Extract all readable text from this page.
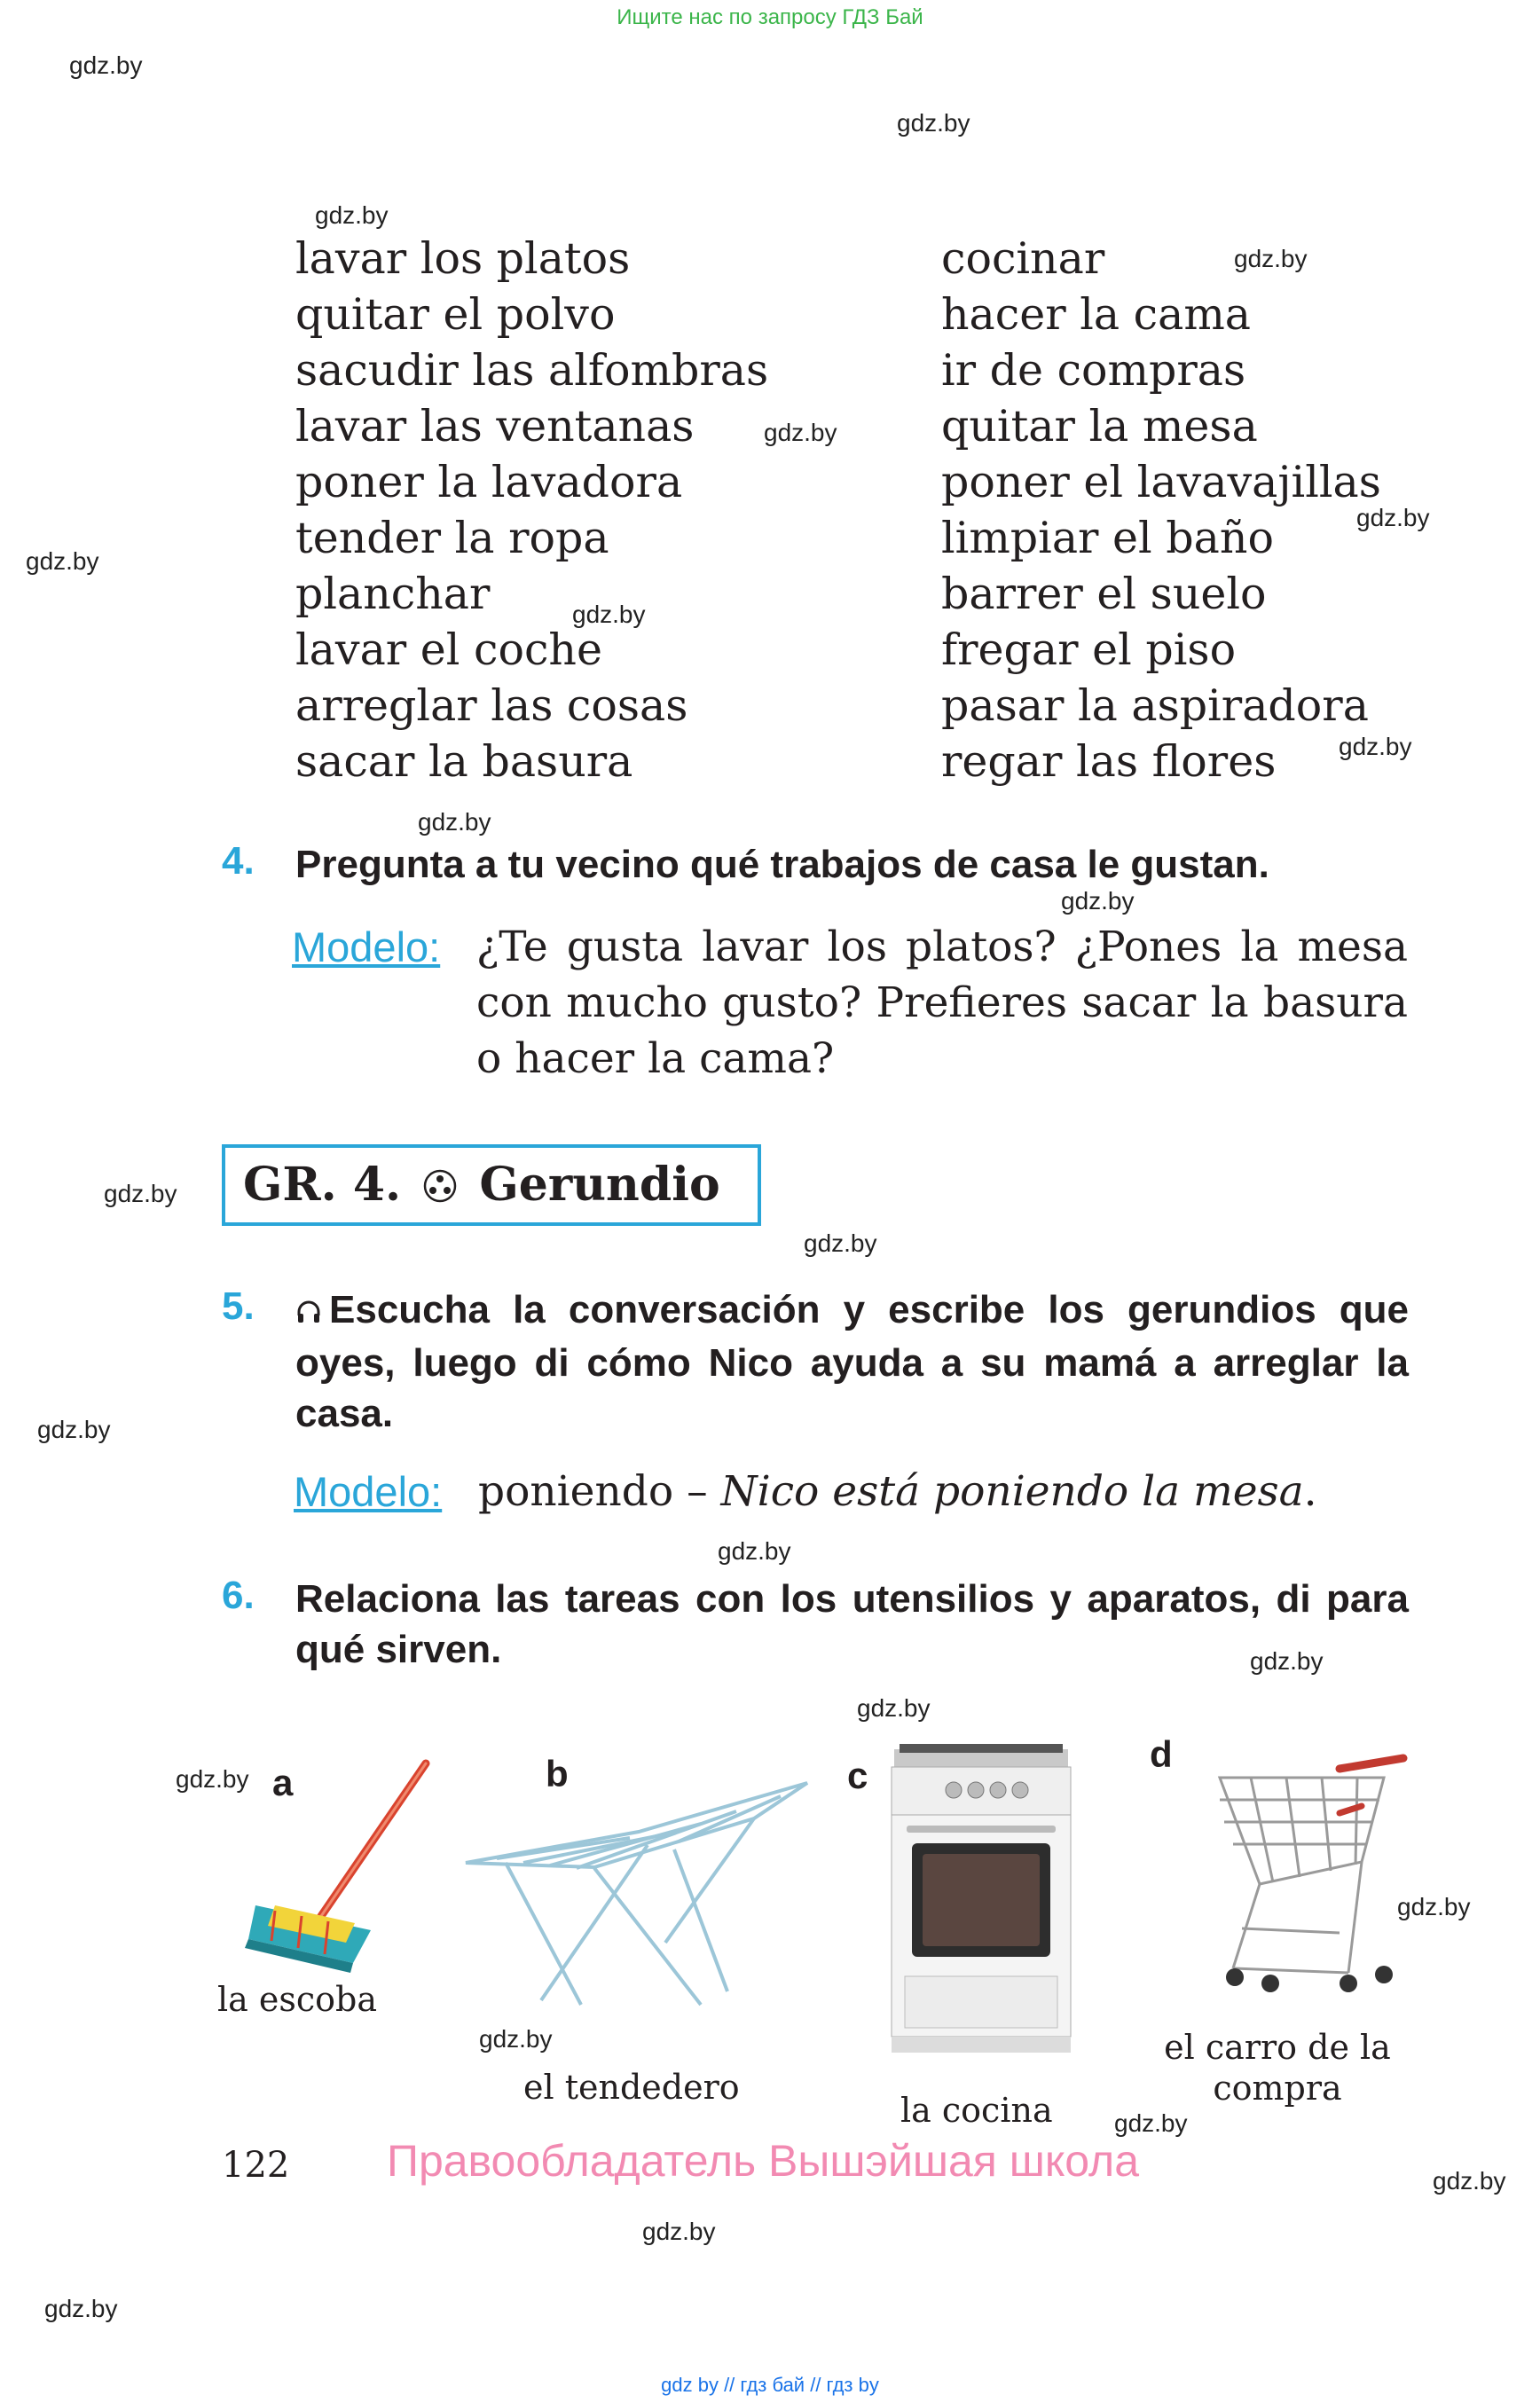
Ищите нас по запросу ГДЗ Бай
gdz.by
gdz.by
gdz.by
gdz.by
gdz.by
gdz.by
gdz.by
gdz.by
gdz.by
gdz.by
gdz.by
gdz.by
gdz.by
gdz.by
gdz.by
gdz.by
gdz.by
gdz.by
gdz.by
gdz.by
gdz.by
gdz.by
gdz.by
gdz.by
lavar los platos
quitar el polvo
sacudir las alfombras
lavar las ventanas
poner la lavadora
tender la ropa
planchar
lavar el coche
arreglar las cosas
sacar la basura
cocinar
hacer la cama
ir de compras
quitar la mesa
poner el lavavajillas
limpiar el baño
barrer el suelo
fregar el piso
pasar la aspiradora
regar las flores
4. Pregunta a tu vecino qué trabajos de casa le gustan.
Modelo: ¿Te gusta lavar los platos? ¿Pones la mesa con mucho gusto? Prefieres sacar la basura o hacer la cama?
GR. 4. Gerundio
5.	Escucha la conversación y escribe los gerundios que oyes, luego di cómo Nico ayuda a su mamá a arreglar la casa.
Modelo: poniendo – Nico está poniendo la mesa.
6. Relaciona las tareas con los utensilios y aparatos, di para qué sirven.
a
la escoba
b
el tendedero
c
la cocina
d
el carro de la compra
122 Правообладатель Вышэйшая школа
gdz by // гдз бай // гдз by
